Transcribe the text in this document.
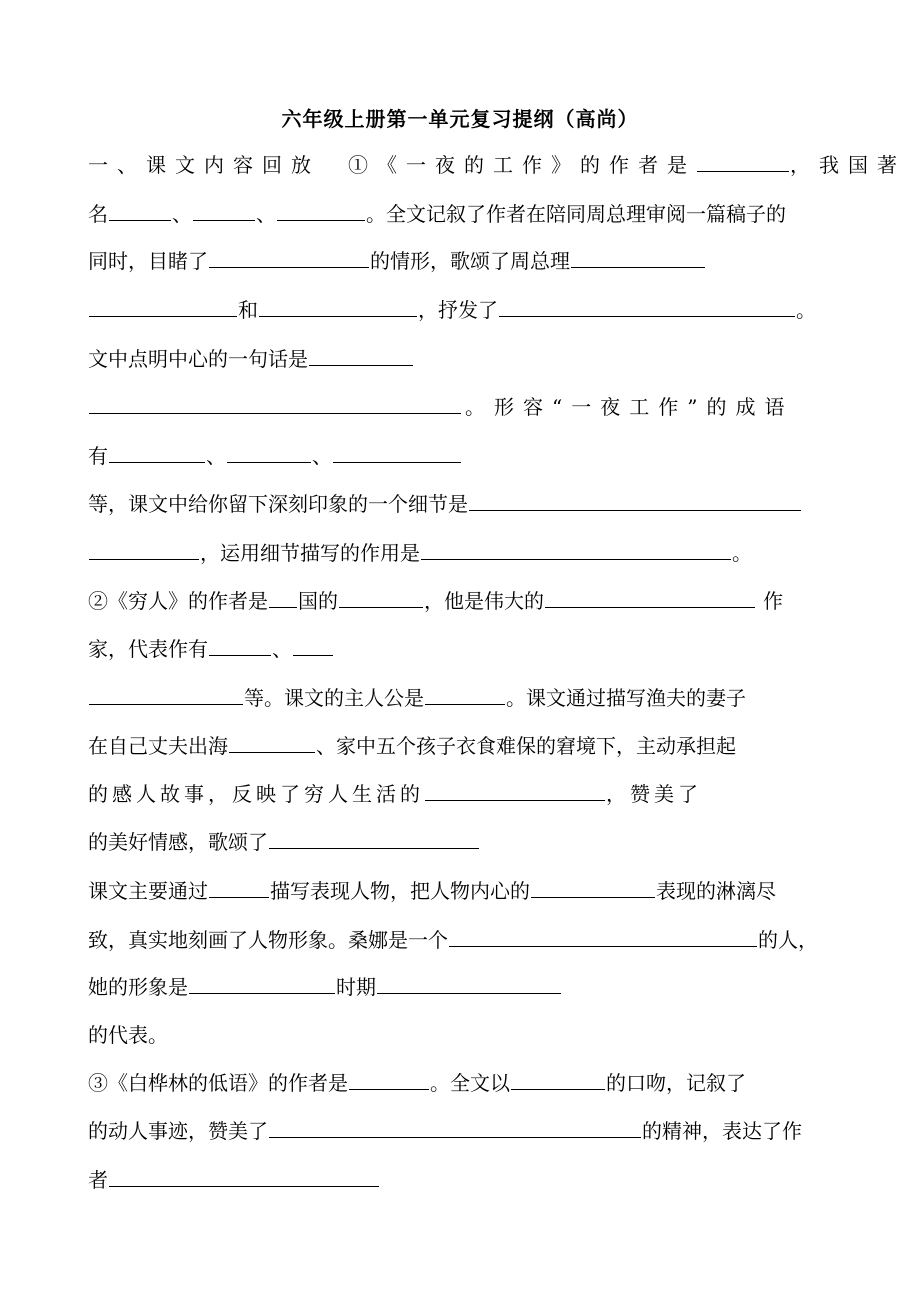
六年级上册第一单元复习提纲（高尚）
一、课文内容回放 ①《一夜的工作》的作者是	，我国著
名	、	、	。全文记叙了作者在陪同周总理审阅一篇稿子的
同时，目睹了	的情形，歌颂了周总理
和	，抒发了	。
文中点明中心的一句话是
。形容“一夜工作”的成语
有	、	、
等，课文中给你留下深刻印象的一个细节是
，运用细节描写的作用是	。
②《穷人》的作者是 国的	，他是伟大的	作
家，代表作有	、
等。课文的主人公是	。课文通过描写渔夫的妻子
在自己丈夫出海	、家中五个孩子衣食难保的窘境下，主动承担起
的感人故事，反映了穷人生活的	，赞美了
的美好情感，歌颂了
课文主要通过	描写表现人物，把人物内心的	表现的淋漓尽
致，真实地刻画了人物形象。桑娜是一个	的人，
她的形象是	时期
的代表。
③《白桦林的低语》的作者是	。全文以	的口吻，记叙了
的动人事迹，赞美了	的精神，表达了作
者
